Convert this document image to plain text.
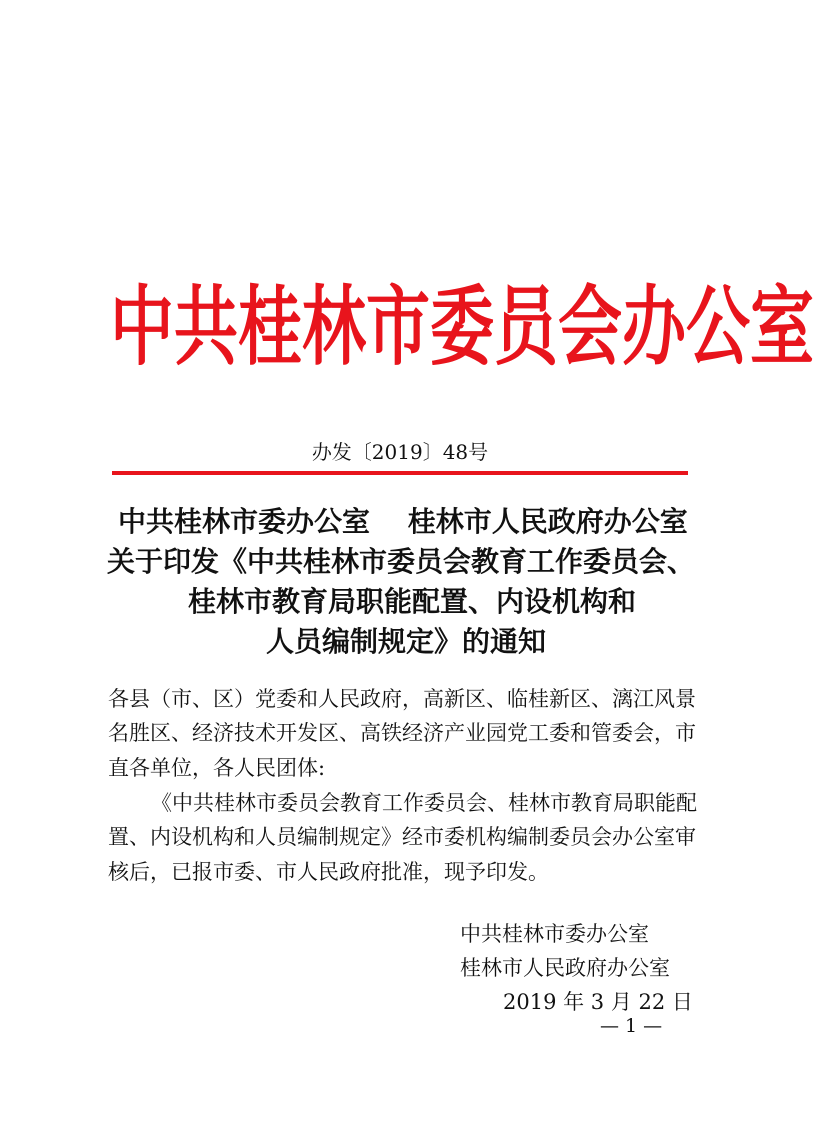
中 共 桂 林 市 委 员 会 办 公 室
办发〔2019〕48号
中共桂林市委办公室　 桂林市人民政府办公室
关于印发《中共桂林市委员会教育工作委员会、
桂林市教育局职能配置、内设机构和
人员编制规定》的通知
各县（市、区）党委和人民政府，高新区、临桂新区、漓江风景
名胜区、经济技术开发区、高铁经济产业园党工委和管委会，市
直各单位，各人民团体:
《中共桂林市委员会教育工作委员会、桂林市教育局职能配
置、内设机构和人员编制规定》经市委机构编制委员会办公室审
核后，已报市委、市人民政府批准，现予印发。
中共桂林市委办公室
桂林市人民政府办公室
2019 年 3 月 22 日
— 1 —
